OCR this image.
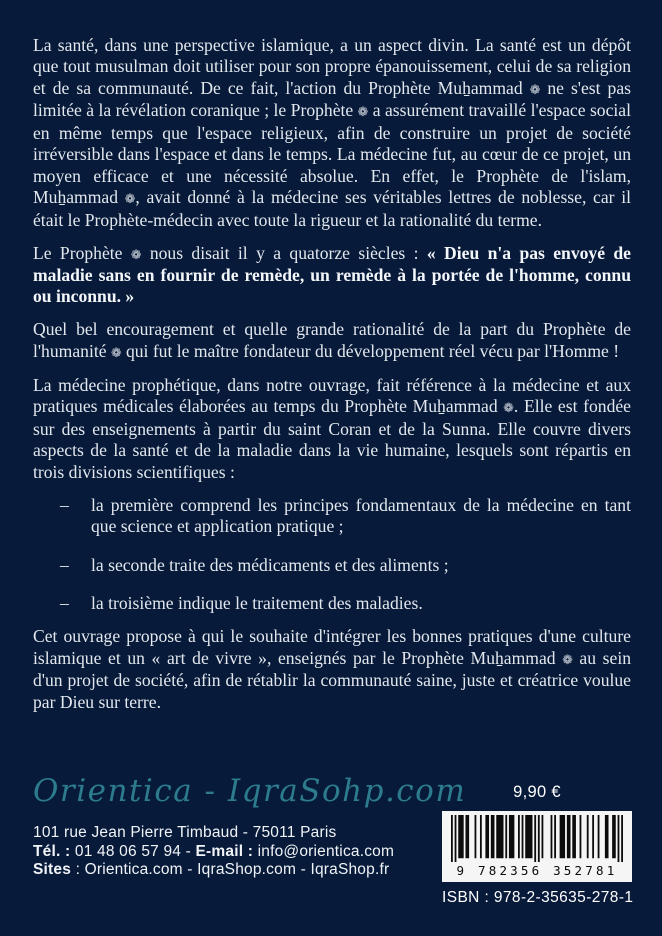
La santé, dans une perspective islamique, a un aspect divin. La santé est un dépôt que tout musulman doit utiliser pour son propre épanouissement, celui de sa religion et de sa communauté. De ce fait, l'action du Prophète Muẖammad ❁ ne s'est pas limitée à la révélation coranique ; le Prophète ❁ a assurément travaillé l'espace social en même temps que l'espace religieux, afin de construire un projet de société irréversible dans l'espace et dans le temps. La médecine fut, au cœur de ce projet, un moyen efficace et une nécessité absolue. En effet, le Prophète de l'islam, Muẖammad ❁, avait donné à la médecine ses véritables lettres de noblesse, car il était le Prophète-médecin avec toute la rigueur et la rationalité du terme.

Le Prophète ❁ nous disait il y a quatorze siècles : « Dieu n'a pas envoyé de maladie sans en fournir de remède, un remède à la portée de l'homme, connu ou inconnu. »

Quel bel encouragement et quelle grande rationalité de la part du Prophète de l'humanité ❁ qui fut le maître fondateur du développement réel vécu par l'Homme !

La médecine prophétique, dans notre ouvrage, fait référence à la médecine et aux pratiques médicales élaborées au temps du Prophète Muẖammad ❁. Elle est fondée sur des enseignements à partir du saint Coran et de la Sunna. Elle couvre divers aspects de la santé et de la maladie dans la vie humaine, lesquels sont répartis en trois divisions scientifiques :

–	la première comprend les principes fondamentaux de la médecine en tant que science et application pratique ;
–	la seconde traite des médicaments et des aliments ;
–	la troisième indique le traitement des maladies.

Cet ouvrage propose à qui le souhaite d'intégrer les bonnes pratiques d'une culture islamique et un « art de vivre », enseignés par le Prophète Muẖammad ❁ au sein d'un projet de société, afin de rétablir la communauté saine, juste et créatrice voulue par Dieu sur terre.

Orientica - IqraSohp.com
101 rue Jean Pierre Timbaud - 75011 Paris
Tél. : 01 48 06 57 94 - E-mail : info@orientica.com
Sites : Orientica.com - IqraShop.com - IqraShop.fr
9,90 €
9 782356 352781
ISBN : 978-2-35635-278-1
